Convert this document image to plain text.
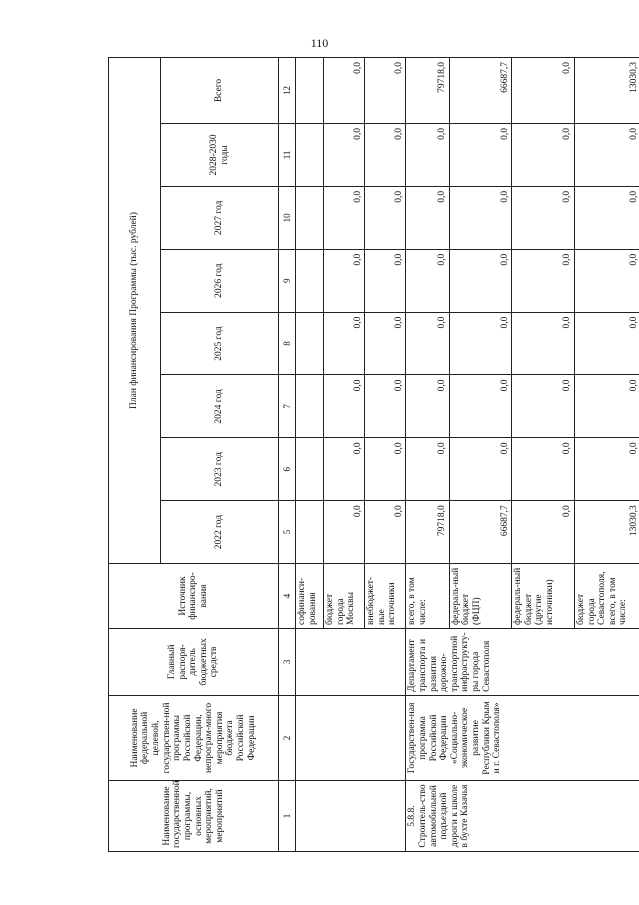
110
Наименование государственной программы, основных мероприятий, мероприятий	Наименование федеральной целевой, государствен-ной программы Российской Федерации, непрограм-много мероприятия бюджета Российской Федерации	Главный распоря-дитель бюджетных средств	Источник финансиро-вания	План финансирования Программы (тыс. рублей)							
				2022 год	2023 год	2024 год	2025 год	2026 год	2027 год	2028-2030 годы	Всего
1	2	3	4	5	6	7	8	9	10	11	12
			софинанси-рования								
			бюджет города Москвы	0,0	0,0	0,0	0,0	0,0	0,0	0,0	0,0
			внебюджет-ные источники	0,0	0,0	0,0	0,0	0,0	0,0	0,0	0,0
5.8.8. Строитель-ство автомобильной подъездной дороги к школе в бухте Казачья	Государствен-ная программа Российской Федерации «Социально-экономическое развитие Республики Крым и г. Севастополя»	Департамент транспорта и развития дорожно-транспортной инфраструкту-ры города Севастополя	всего, в том числе:	79718,0	0,0	0,0	0,0	0,0	0,0	0,0	79718,0
			федераль-ный бюджет (ФЦП)	66687,7	0,0	0,0	0,0	0,0	0,0	0,0	66687,7
			федераль-ный бюджет (другие источники)	0,0	0,0	0,0	0,0	0,0	0,0	0,0	0,0
			бюджет города Севастополя, всего, в том числе:	13030,3	0,0	0,0	0,0	0,0	0,0	0,0	13030,3
